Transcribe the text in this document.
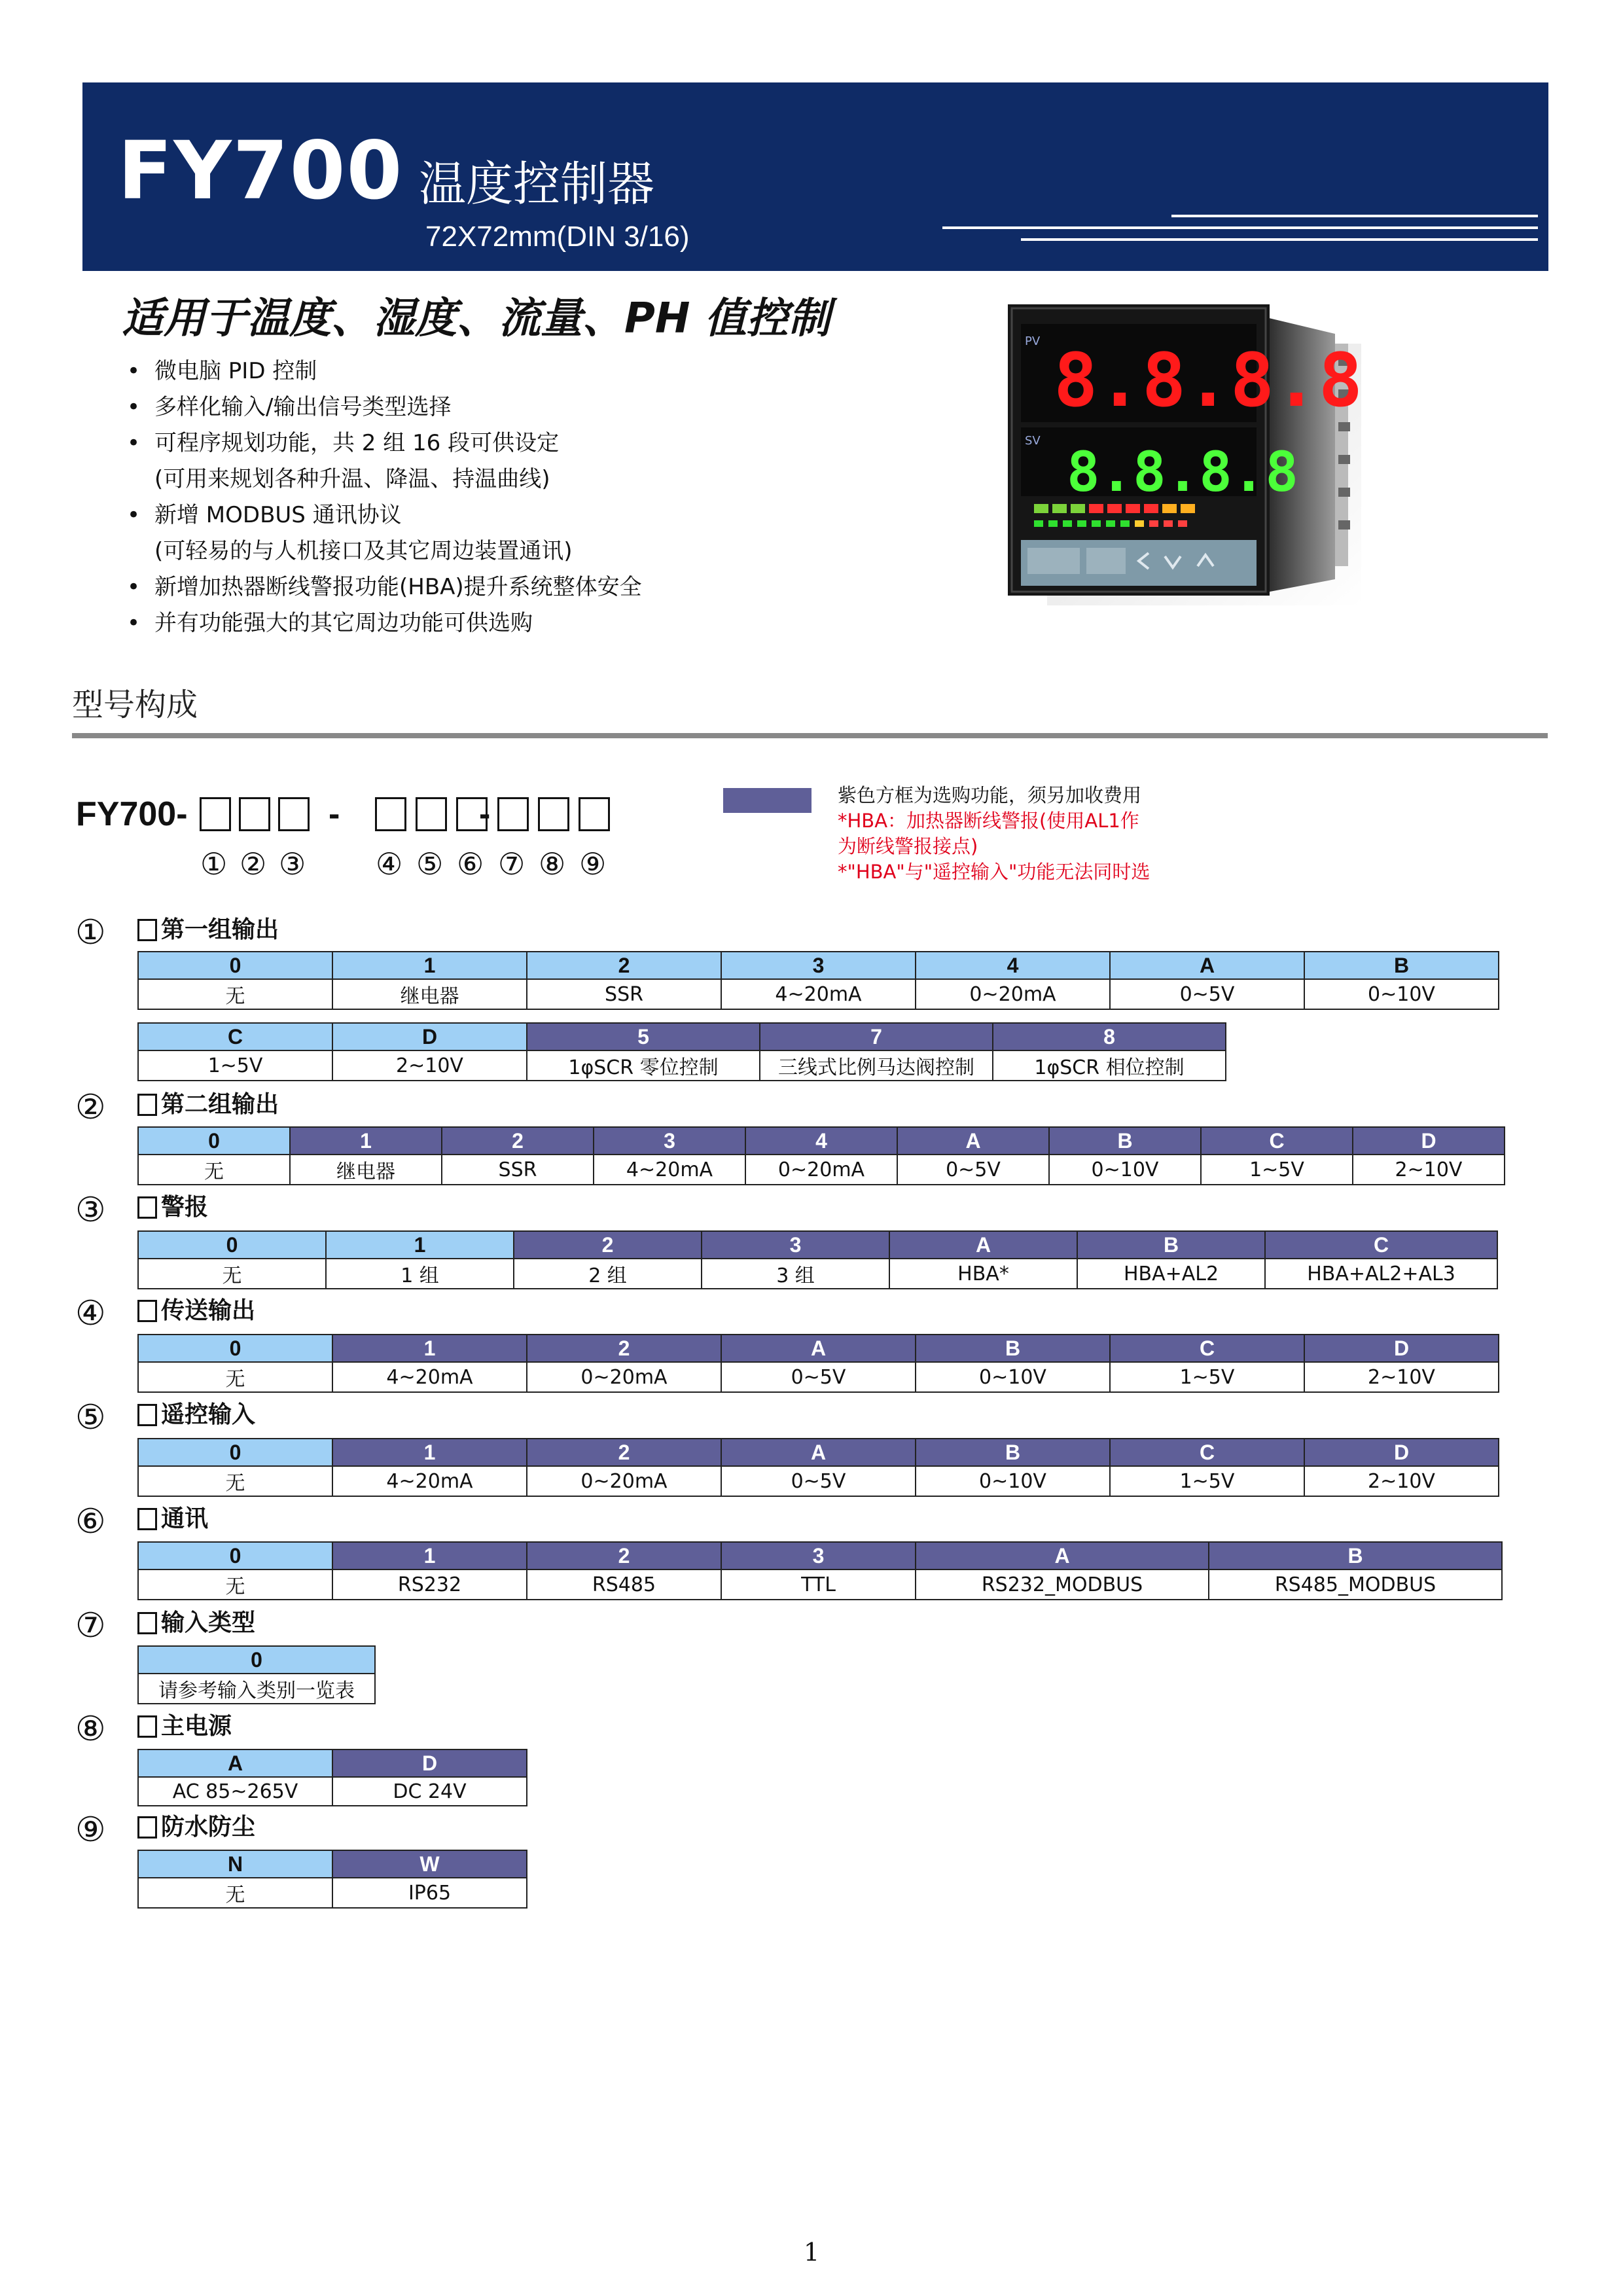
FY700 温度控制器
72X72mm(DIN 3/16)
适用于温度、湿度、流量、PH 值控制
• 微电脑 PID 控制
• 多样化输入/输出信号类型选择
• 可程序规划功能，共 2 组 16 段可供设定
(可用来规划各种升温、降温、持温曲线)
• 新增 MODBUS 通讯协议
(可轻易的与人机接口及其它周边装置通讯)
• 新增加热器断线警报功能(HBA)提升系统整体安全
• 并有功能强大的其它周边功能可供选购
PV 8.8.8.8
SV 8.8.8.8
型号构成
FY700-
① ② ③ ④ ⑤ ⑥ ⑦ ⑧ ⑨
-	-	紫色方框为选购功能，须另加收费用
*HBA：加热器断线警报(使用AL1作
为断线警报接点)
*"HBA"与"遥控输入"功能无法同时选
① 第一组输出
0	1	2	3	4	A	B
无	继电器	SSR	4~20mA	0~20mA	0~5V	0~10V
C	D	5	7	8
1~5V	2~10V	1φSCR 零位控制	三线式比例马达阀控制	1φSCR 相位控制
② 第二组输出
0	1	2	3	4	A	B	C	D
无	继电器	SSR	4~20mA	0~20mA	0~5V	0~10V	1~5V	2~10V
③ 警报
0	1	2	3	A	B	C
无	1 组	2 组	3 组	HBA*	HBA+AL2	HBA+AL2+AL3
④ 传送输出
0	1	2	A	B	C	D
无	4~20mA	0~20mA	0~5V	0~10V	1~5V	2~10V
⑤ 遥控输入
0	1	2	A	B	C	D
无	4~20mA	0~20mA	0~5V	0~10V	1~5V	2~10V
⑥ 通讯
0	1	2	3	A	B
无	RS232	RS485	TTL	RS232_MODBUS	RS485_MODBUS
⑦ 输入类型
0
请参考输入类别一览表
⑧ 主电源
A	D
AC 85~265V	DC 24V
⑨ 防水防尘
N	W
无	IP65
1
